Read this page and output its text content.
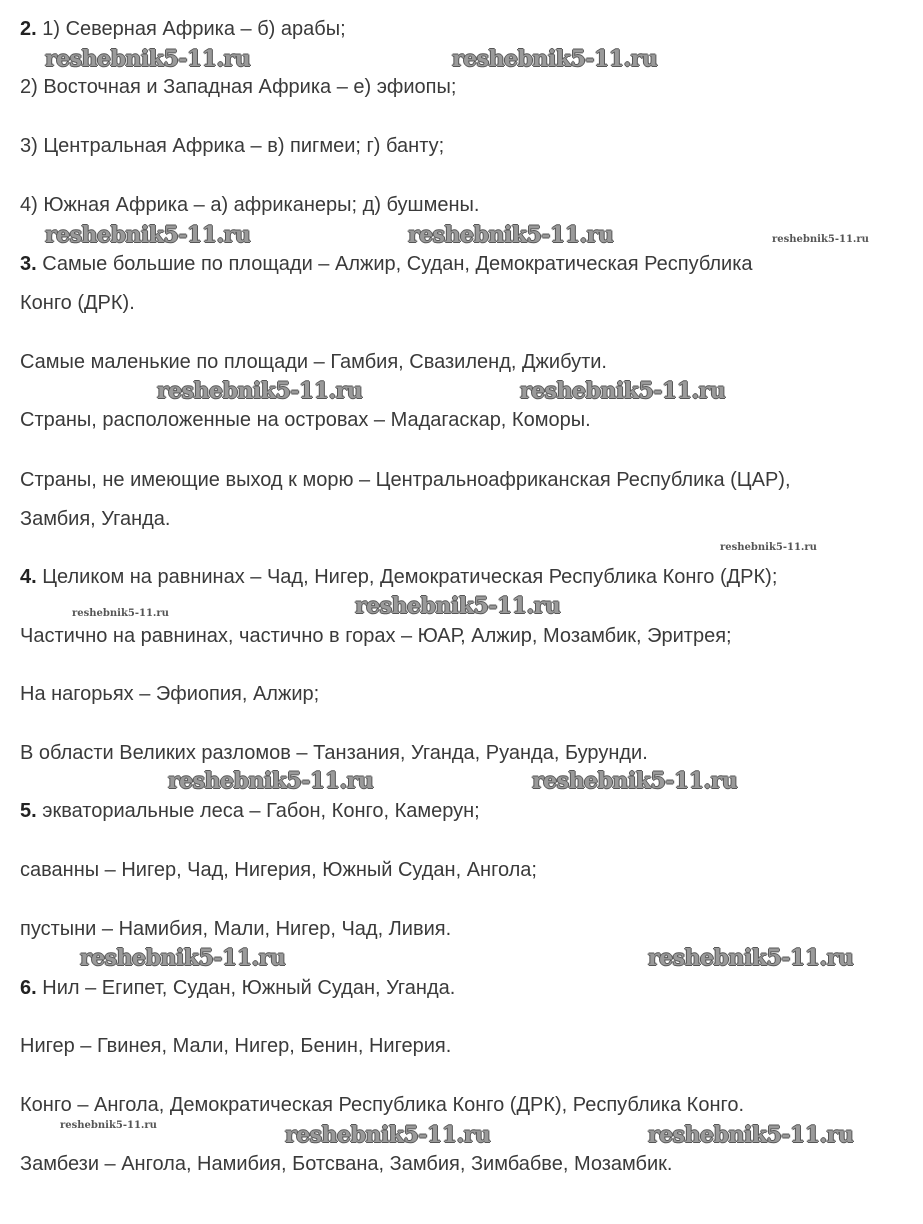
2. 1) Северная Африка – б) арабы;
2) Восточная и Западная Африка – е) эфиопы;
3) Центральная Африка – в) пигмеи; г) банту;
4) Южная Африка – а) африканеры; д) бушмены.
3. Самые большие по площади – Алжир, Судан, Демократическая Республика
Конго (ДРК).
Самые маленькие по площади – Гамбия, Свазиленд, Джибути.
Страны, расположенные на островах – Мадагаскар, Коморы.
Страны, не имеющие выход к морю – Центральноафриканская Республика (ЦАР),
Замбия, Уганда.
4. Целиком на равнинах – Чад, Нигер, Демократическая Республика Конго (ДРК);
Частично на равнинах, частично в горах – ЮАР, Алжир, Мозамбик, Эритрея;
На нагорьях – Эфиопия, Алжир;
В области Великих разломов – Танзания, Уганда, Руанда, Бурунди.
5. экваториальные леса – Габон, Конго, Камерун;
саванны – Нигер, Чад, Нигерия, Южный Судан, Ангола;
пустыни – Намибия, Мали, Нигер, Чад, Ливия.
6. Нил – Египет, Судан, Южный Судан, Уганда.
Нигер – Гвинея, Мали, Нигер, Бенин, Нигерия.
Конго – Ангола, Демократическая Республика Конго (ДРК), Республика Конго.
Замбези – Ангола, Намибия, Ботсвана, Замбия, Зимбабве, Мозамбик.
reshebnik5-11.ru	reshebnik5-11.ru
reshebnik5-11.ru	reshebnik5-11.ru	reshebnik5-11.ru
reshebnik5-11.ru	reshebnik5-11.ru
reshebnik5-11.ru
reshebnik5-11.ru
reshebnik5-11.ru
reshebnik5-11.ru	reshebnik5-11.ru
reshebnik5-11.ru	reshebnik5-11.ru
reshebnik5-11.ru	reshebnik5-11.ru	reshebnik5-11.ru
